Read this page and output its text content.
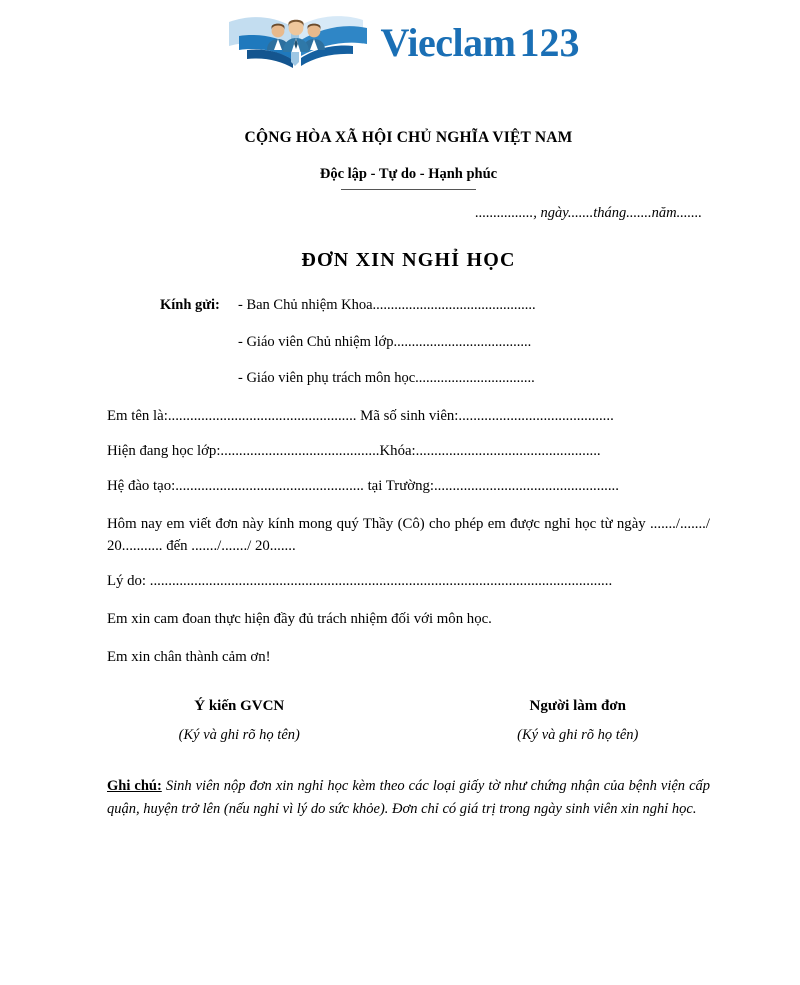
Vieclam 123
CỘNG HÒA XÃ HỘI CHỦ NGHĨA VIỆT NAM
Độc lập - Tự do - Hạnh phúc
................, ngày.......tháng.......năm.......
ĐƠN XIN NGHỈ HỌC
Kính gửi:	- Ban Chủ nhiệm Khoa.............................................
- Giáo viên Chủ nhiệm lớp......................................
- Giáo viên phụ trách môn học.................................
Em tên là:................................................... Mã số sinh viên:..........................................
Hiện đang học lớp:...........................................Khóa:..................................................
Hệ đào tạo:................................................... tại Trường:..................................................
Hôm nay em viết đơn này kính mong quý Thầy (Cô) cho phép em được nghỉ học từ ngày ......./......./ 20........... đến ......./......./ 20.......
Lý do: .............................................................................................................................
Em xin cam đoan thực hiện đầy đủ trách nhiệm đối với môn học.
Em xin chân thành cảm ơn!
Ý kiến GVCN
(Ký và ghi rõ họ tên)
Người làm đơn
(Ký và ghi rõ họ tên)
Ghi chú: Sinh viên nộp đơn xin nghỉ học kèm theo các loại giấy tờ như chứng nhận của bệnh viện cấp quận, huyện trở lên (nếu nghỉ vì lý do sức khỏe). Đơn chỉ có giá trị trong ngày sinh viên xin nghỉ học.
